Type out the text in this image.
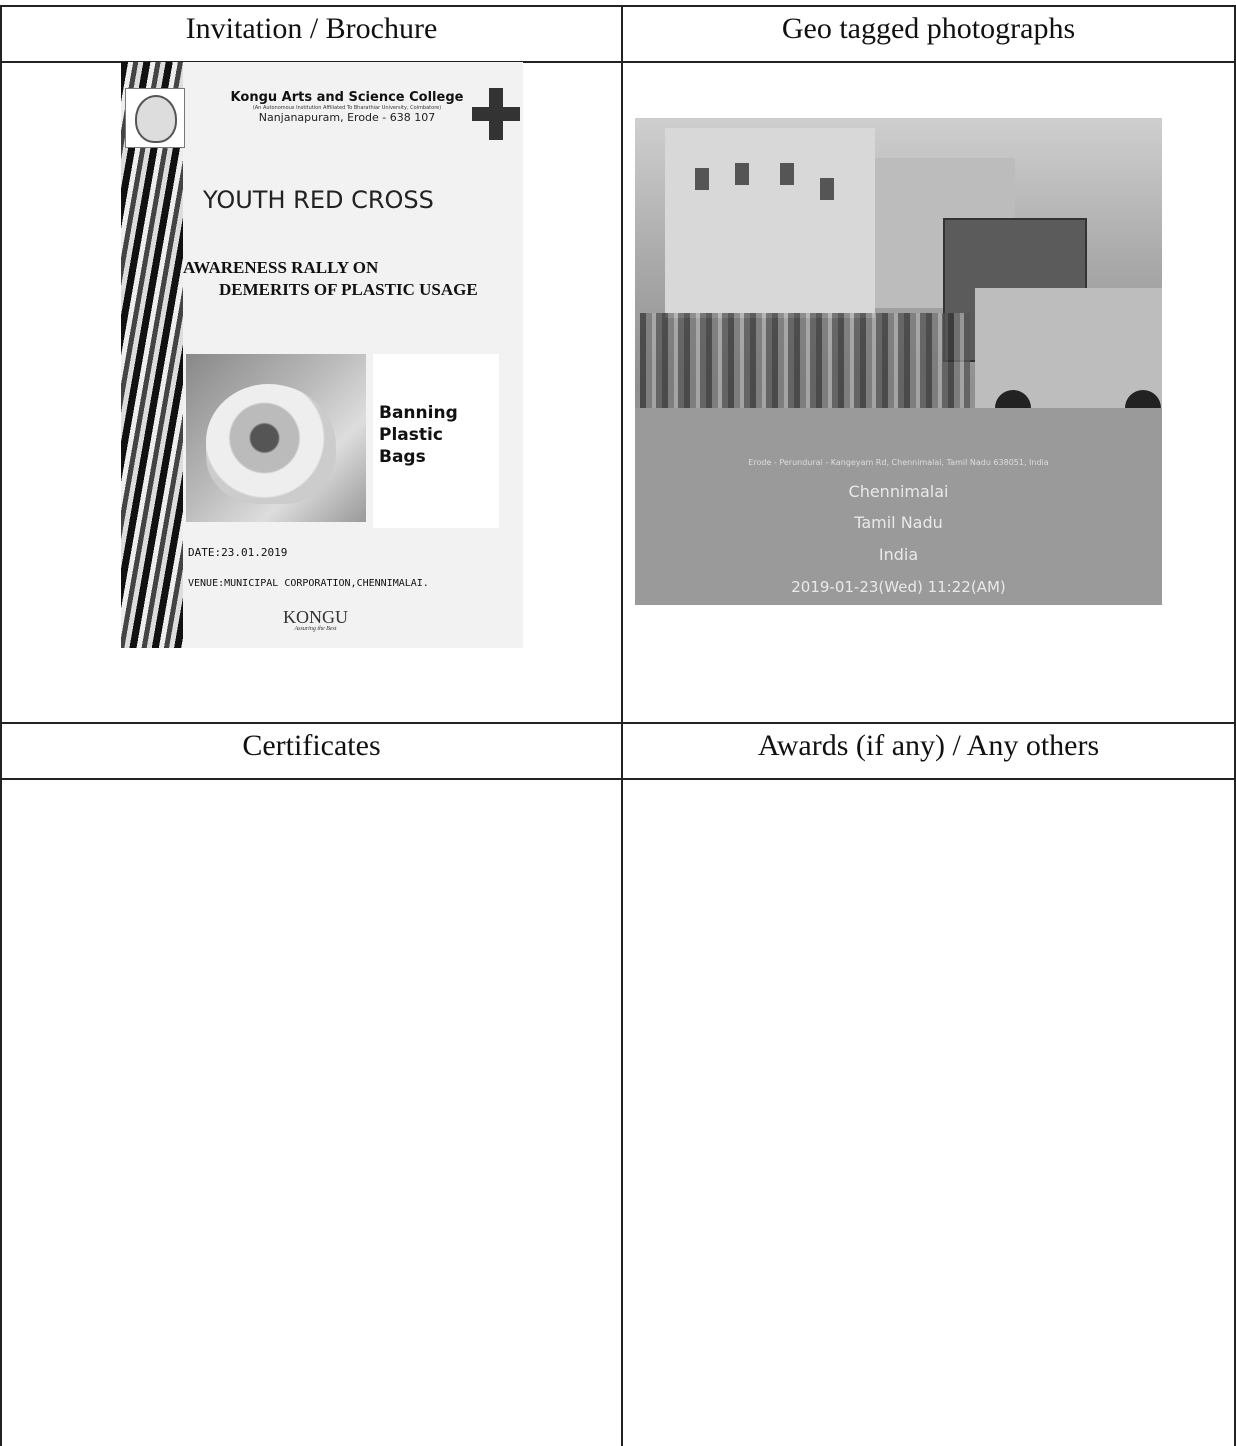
Invitation / Brochure	Geo tagged photographs
Certificates	Awards (if any) / Any others
Kongu Arts and Science College
(An Autonomous Institution Affiliated To Bharathiar University, Coimbatore)
Nanjanapuram, Erode - 638 107
YOUTH RED CROSS
AWARENESS RALLY ON
DEMERITS OF PLASTIC USAGE
Banning
Plastic
Bags
DATE:23.01.2019
VENUE:MUNICIPAL CORPORATION,CHENNIMALAI.
KONGU
Assuring the Best
Erode - Perundurai - Kangeyam Rd, Chennimalai, Tamil Nadu 638051, India
Chennimalai
Tamil Nadu
India
2019-01-23(Wed) 11:22(AM)
